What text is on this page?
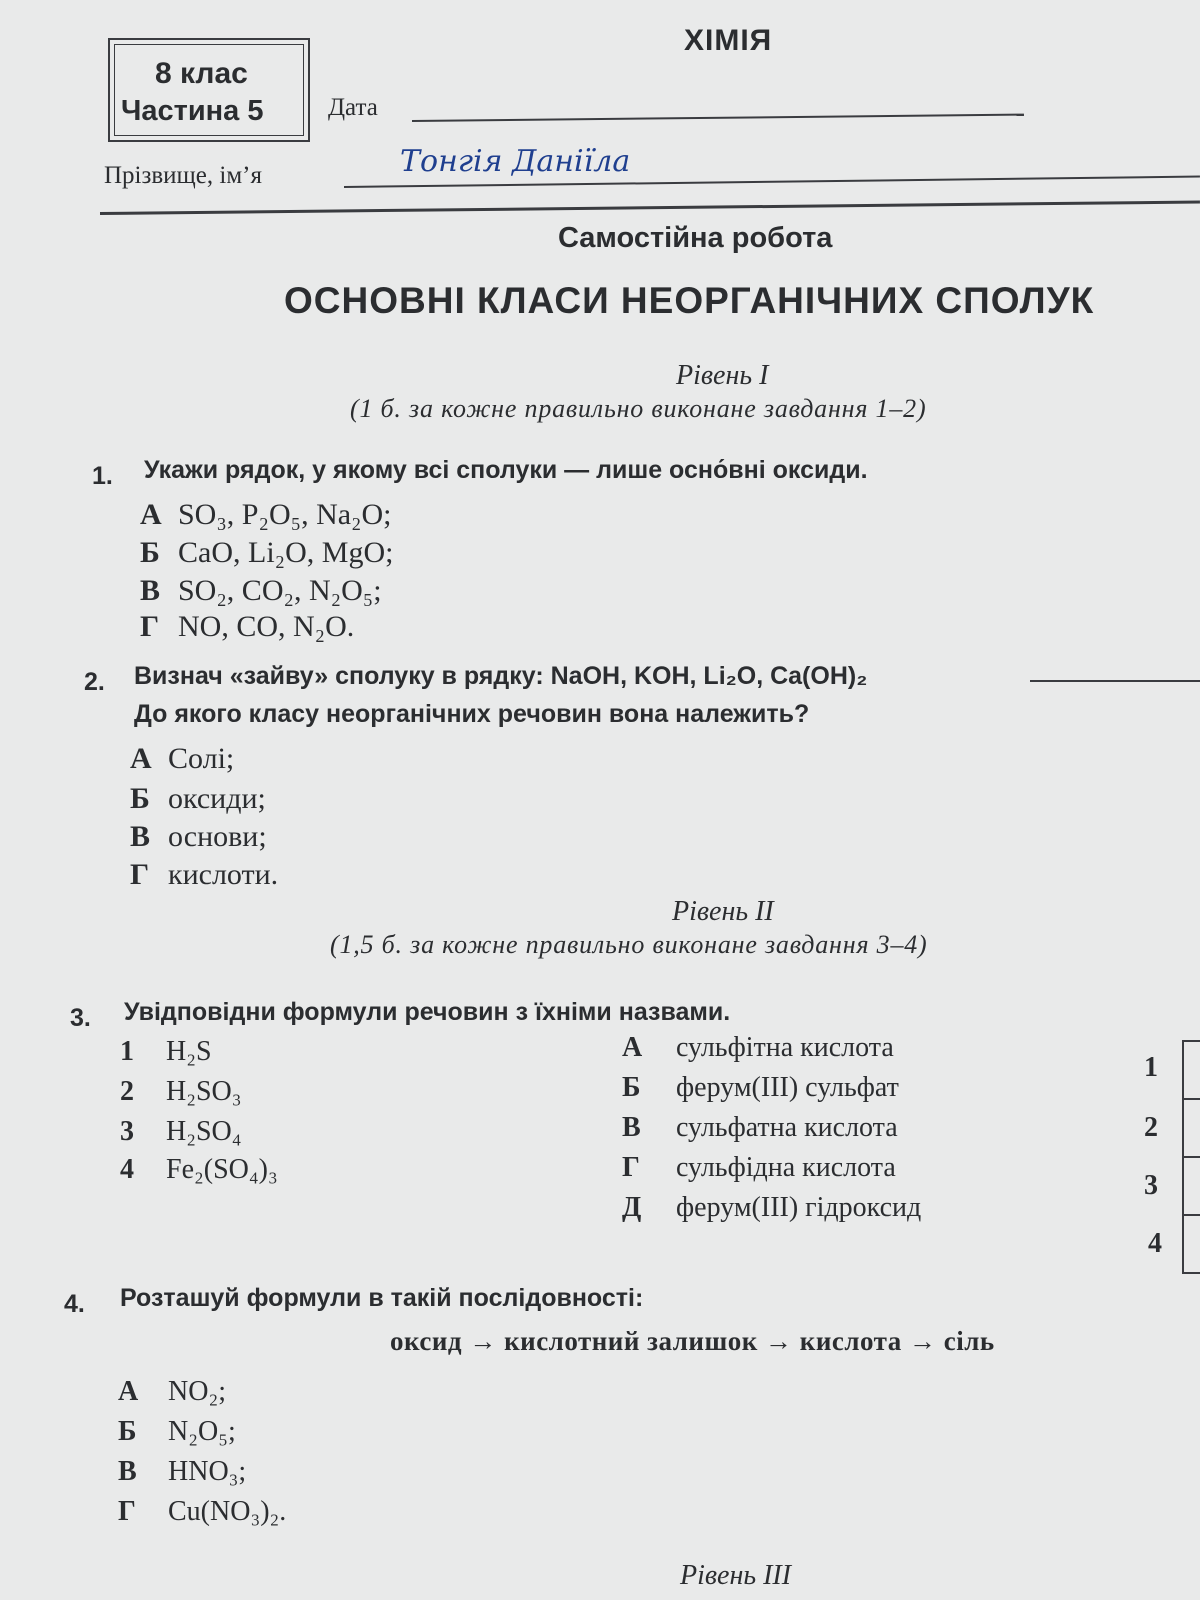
8 клас
Частина 5
ХІМІЯ
Дата
Прізвище, ім’я	Тонгія Даніїла
Самостійна робота
ОСНОВНІ КЛАСИ НЕОРГАНІЧНИХ СПОЛУК
Рівень I
(1 б. за кожне правильно виконане завдання 1–2)
1. Укажи рядок, у якому всі сполуки — лише осно́вні оксиди.
А SO₃, P₂O₅, Na₂O;
Б CaO, Li₂O, MgO;
В SO₂, CO₂, N₂O₅;
Г NO, CO, N₂O.
2. Визнач «зайву» сполуку в рядку: NaOH, KOH, Li₂O, Ca(OH)₂
До якого класу неорганічних речовин вона належить?
А Солі;
Б оксиди;
В основи;
Г кислоти.
Рівень II
(1,5 б. за кожне правильно виконане завдання 3–4)
3. Увідповідни формули речовин з їхніми назвами.
1 H₂S
2 H₂SO₃
3 H₂SO₄
4 Fe₂(SO₄)₃
А сульфітна кислота
Б ферум(III) сульфат
В сульфатна кислота
Г сульфідна кислота
Д ферум(III) гідроксид
1
2
3
4
4. Розташуй формули в такій послідовності:
оксид → кислотний залишок → кислота → сіль
А NO₂;
Б N₂O₅;
В HNO₃;
Г Cu(NO₃)₂.
Рівень III
